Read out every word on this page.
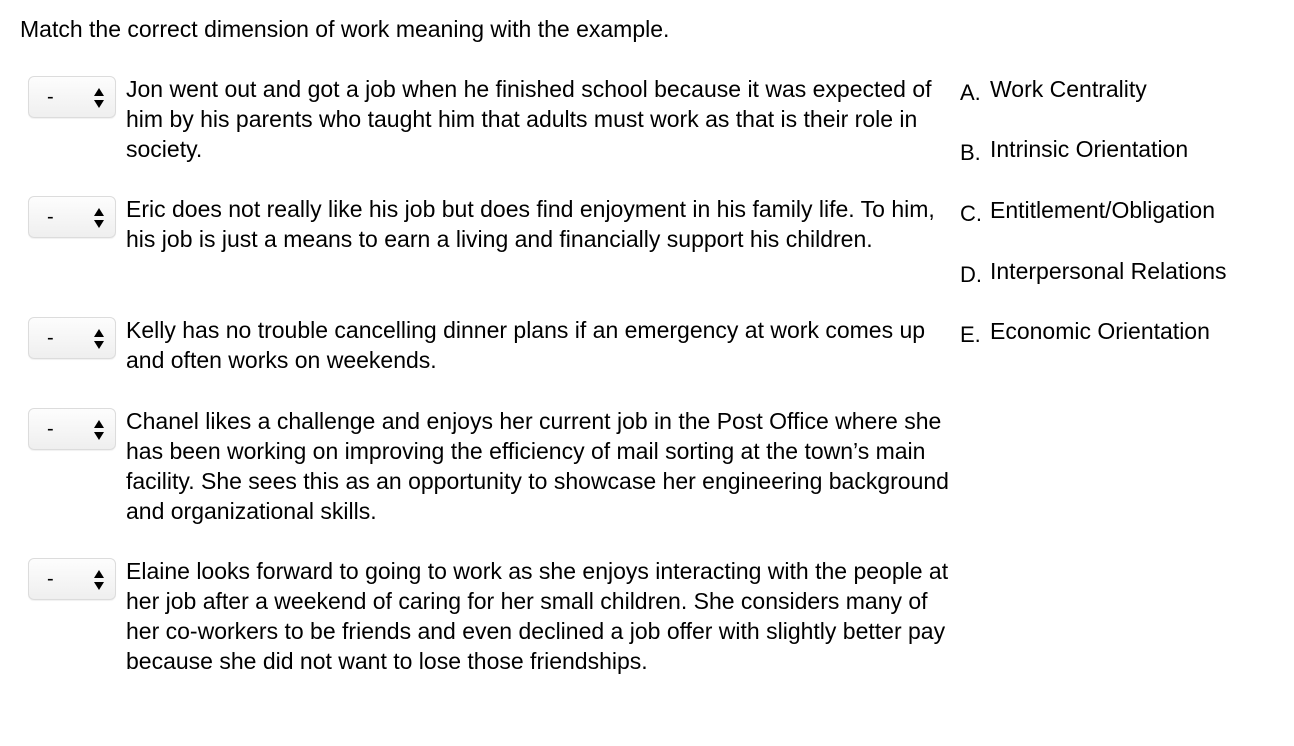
Match the correct dimension of work meaning with the example.
-	Jon went out and got a job when he finished school because it was expected of him by his parents who taught him that adults must work as that is their role in society.
-	Eric does not really like his job but does find enjoyment in his family life. To him, his job is just a means to earn a living and financially support his children.
-	Kelly has no trouble cancelling dinner plans if an emergency at work comes up and often works on weekends.
-	Chanel likes a challenge and enjoys her current job in the Post Office where she has been working on improving the efficiency of mail sorting at the town’s main facility. She sees this as an opportunity to showcase her engineering background and organizational skills.
-	Elaine looks forward to going to work as she enjoys interacting with the people at her job after a weekend of caring for her small children. She considers many of her co-workers to be friends and even declined a job offer with slightly better pay because she did not want to lose those friendships.
A. Work Centrality
B. Intrinsic Orientation
C. Entitlement/Obligation
D. Interpersonal Relations
E. Economic Orientation
